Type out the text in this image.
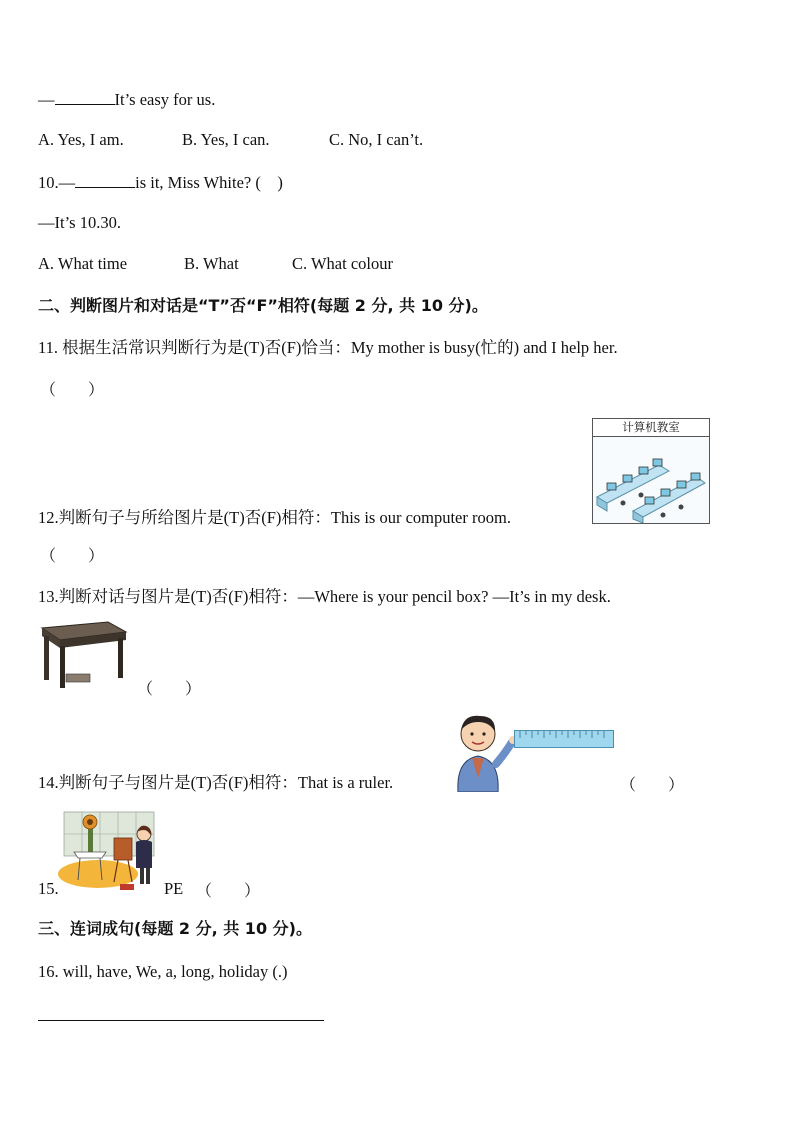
—	It’s easy for us.
A. Yes, I am.	B. Yes, I can.	C. No, I can’t.
10.—	is it, Miss White? (　)
—It’s 10.30.
A. What time	B. What	C. What colour
二、判断图片和对话是“T”否“F”相符(每题 2 分, 共 10 分)。
11. 根据生活常识判断行为是(T)否(F)恰当：My mother is busy(忙的) and I help her.
（　　）
计算机教室
12.判断句子与所给图片是(T)否(F)相符：This is our computer room.
（　　）
13.判断对话与图片是(T)否(F)相符：—Where is your pencil box? —It’s in my desk.
（　　）
14.判断句子与图片是(T)否(F)相符：That is a ruler.	（　　）
15.	PE （　　）
三、连词成句(每题 2 分, 共 10 分)。
16. will, have, We, a, long, holiday (.)
